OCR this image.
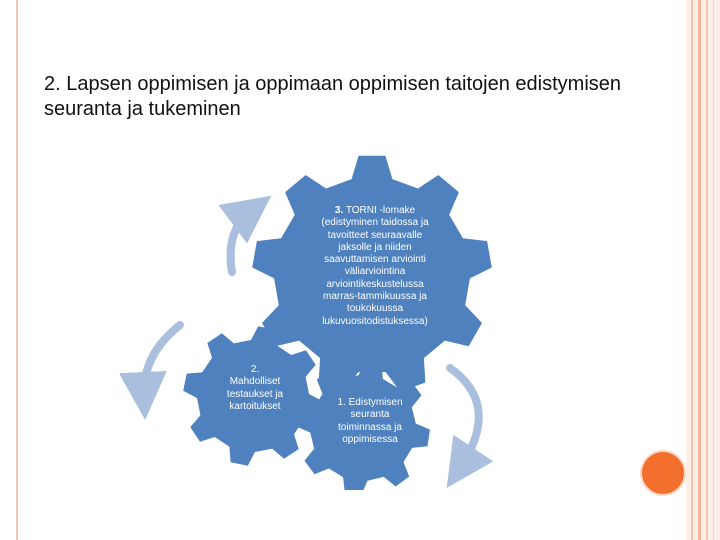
2. Lapsen oppimisen ja oppimaan oppimisen taitojen edistymisen seuranta ja tukeminen
3. TORNI -lomake
(edistyminen taidossa ja
tavoitteet seuraavalle
jaksolle ja niiden
saavuttamisen arviointi
väliarviointina
arviointikeskustelussa
marras-tammikuussa ja
toukokuussa
lukuvuositodistuksessa)
2.
Mahdolliset
testaukset ja
kartoitukset	1. Edistymisen
seuranta
toiminnassa ja
oppimisessa
